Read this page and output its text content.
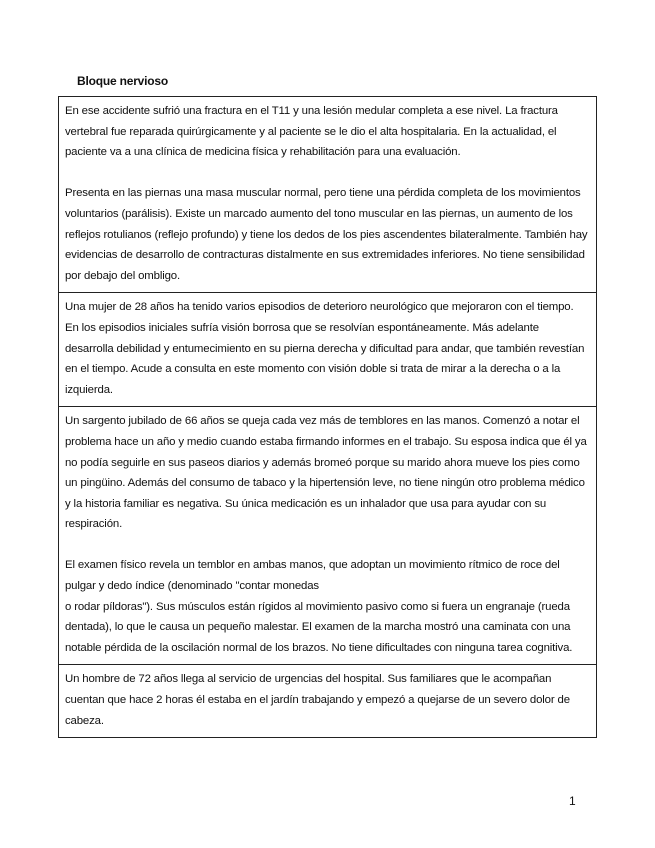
Bloque nervioso

En ese accidente sufrió una fractura en el T11 y una lesión medular completa a ese nivel. La fractura vertebral fue reparada quirúrgicamente y al paciente se le dio el alta hospitalaria. En la actualidad, el paciente va a una clínica de medicina física y rehabilitación para una evaluación.

Presenta en las piernas una masa muscular normal, pero tiene una pérdida completa de los movimientos voluntarios (parálisis). Existe un marcado aumento del tono muscular en las piernas, un aumento de los reflejos rotulianos (reflejo profundo) y tiene los dedos de los pies ascendentes bilateralmente. También hay evidencias de desarrollo de contracturas distalmente en sus extremidades inferiores. No tiene sensibilidad por debajo del ombligo.

Una mujer de 28 años ha tenido varios episodios de deterioro neurológico que mejoraron con el tiempo. En los episodios iniciales sufría visión borrosa que se resolvían espontáneamente. Más adelante desarrolla debilidad y entumecimiento en su pierna derecha y dificultad para andar, que también revestían en el tiempo. Acude a consulta en este momento con visión doble si trata de mirar a la derecha o a la izquierda.

Un sargento jubilado de 66 años se queja cada vez más de temblores en las manos. Comenzó a notar el problema hace un año y medio cuando estaba firmando informes en el trabajo. Su esposa indica que él ya no podía seguirle en sus paseos diarios y además bromeó porque su marido ahora mueve los pies como un pingüino. Además del consumo de tabaco y la hipertensión leve, no tiene ningún otro problema médico y la historia familiar es negativa. Su única medicación es un inhalador que usa para ayudar con su respiración.

El examen físico revela un temblor en ambas manos, que adoptan un movimiento rítmico de roce del pulgar y dedo índice (denominado "contar monedas

o rodar píldoras"). Sus músculos están rígidos al movimiento pasivo como si fuera un engranaje (rueda dentada), lo que le causa un pequeño malestar. El examen de la marcha mostró una caminata con una notable pérdida de la oscilación normal de los brazos. No tiene dificultades con ninguna tarea cognitiva.

Un hombre de 72 años llega al servicio de urgencias del hospital. Sus familiares que le acompañan cuentan que hace 2 horas él estaba en el jardín trabajando y empezó a quejarse de un severo dolor de cabeza.

1
